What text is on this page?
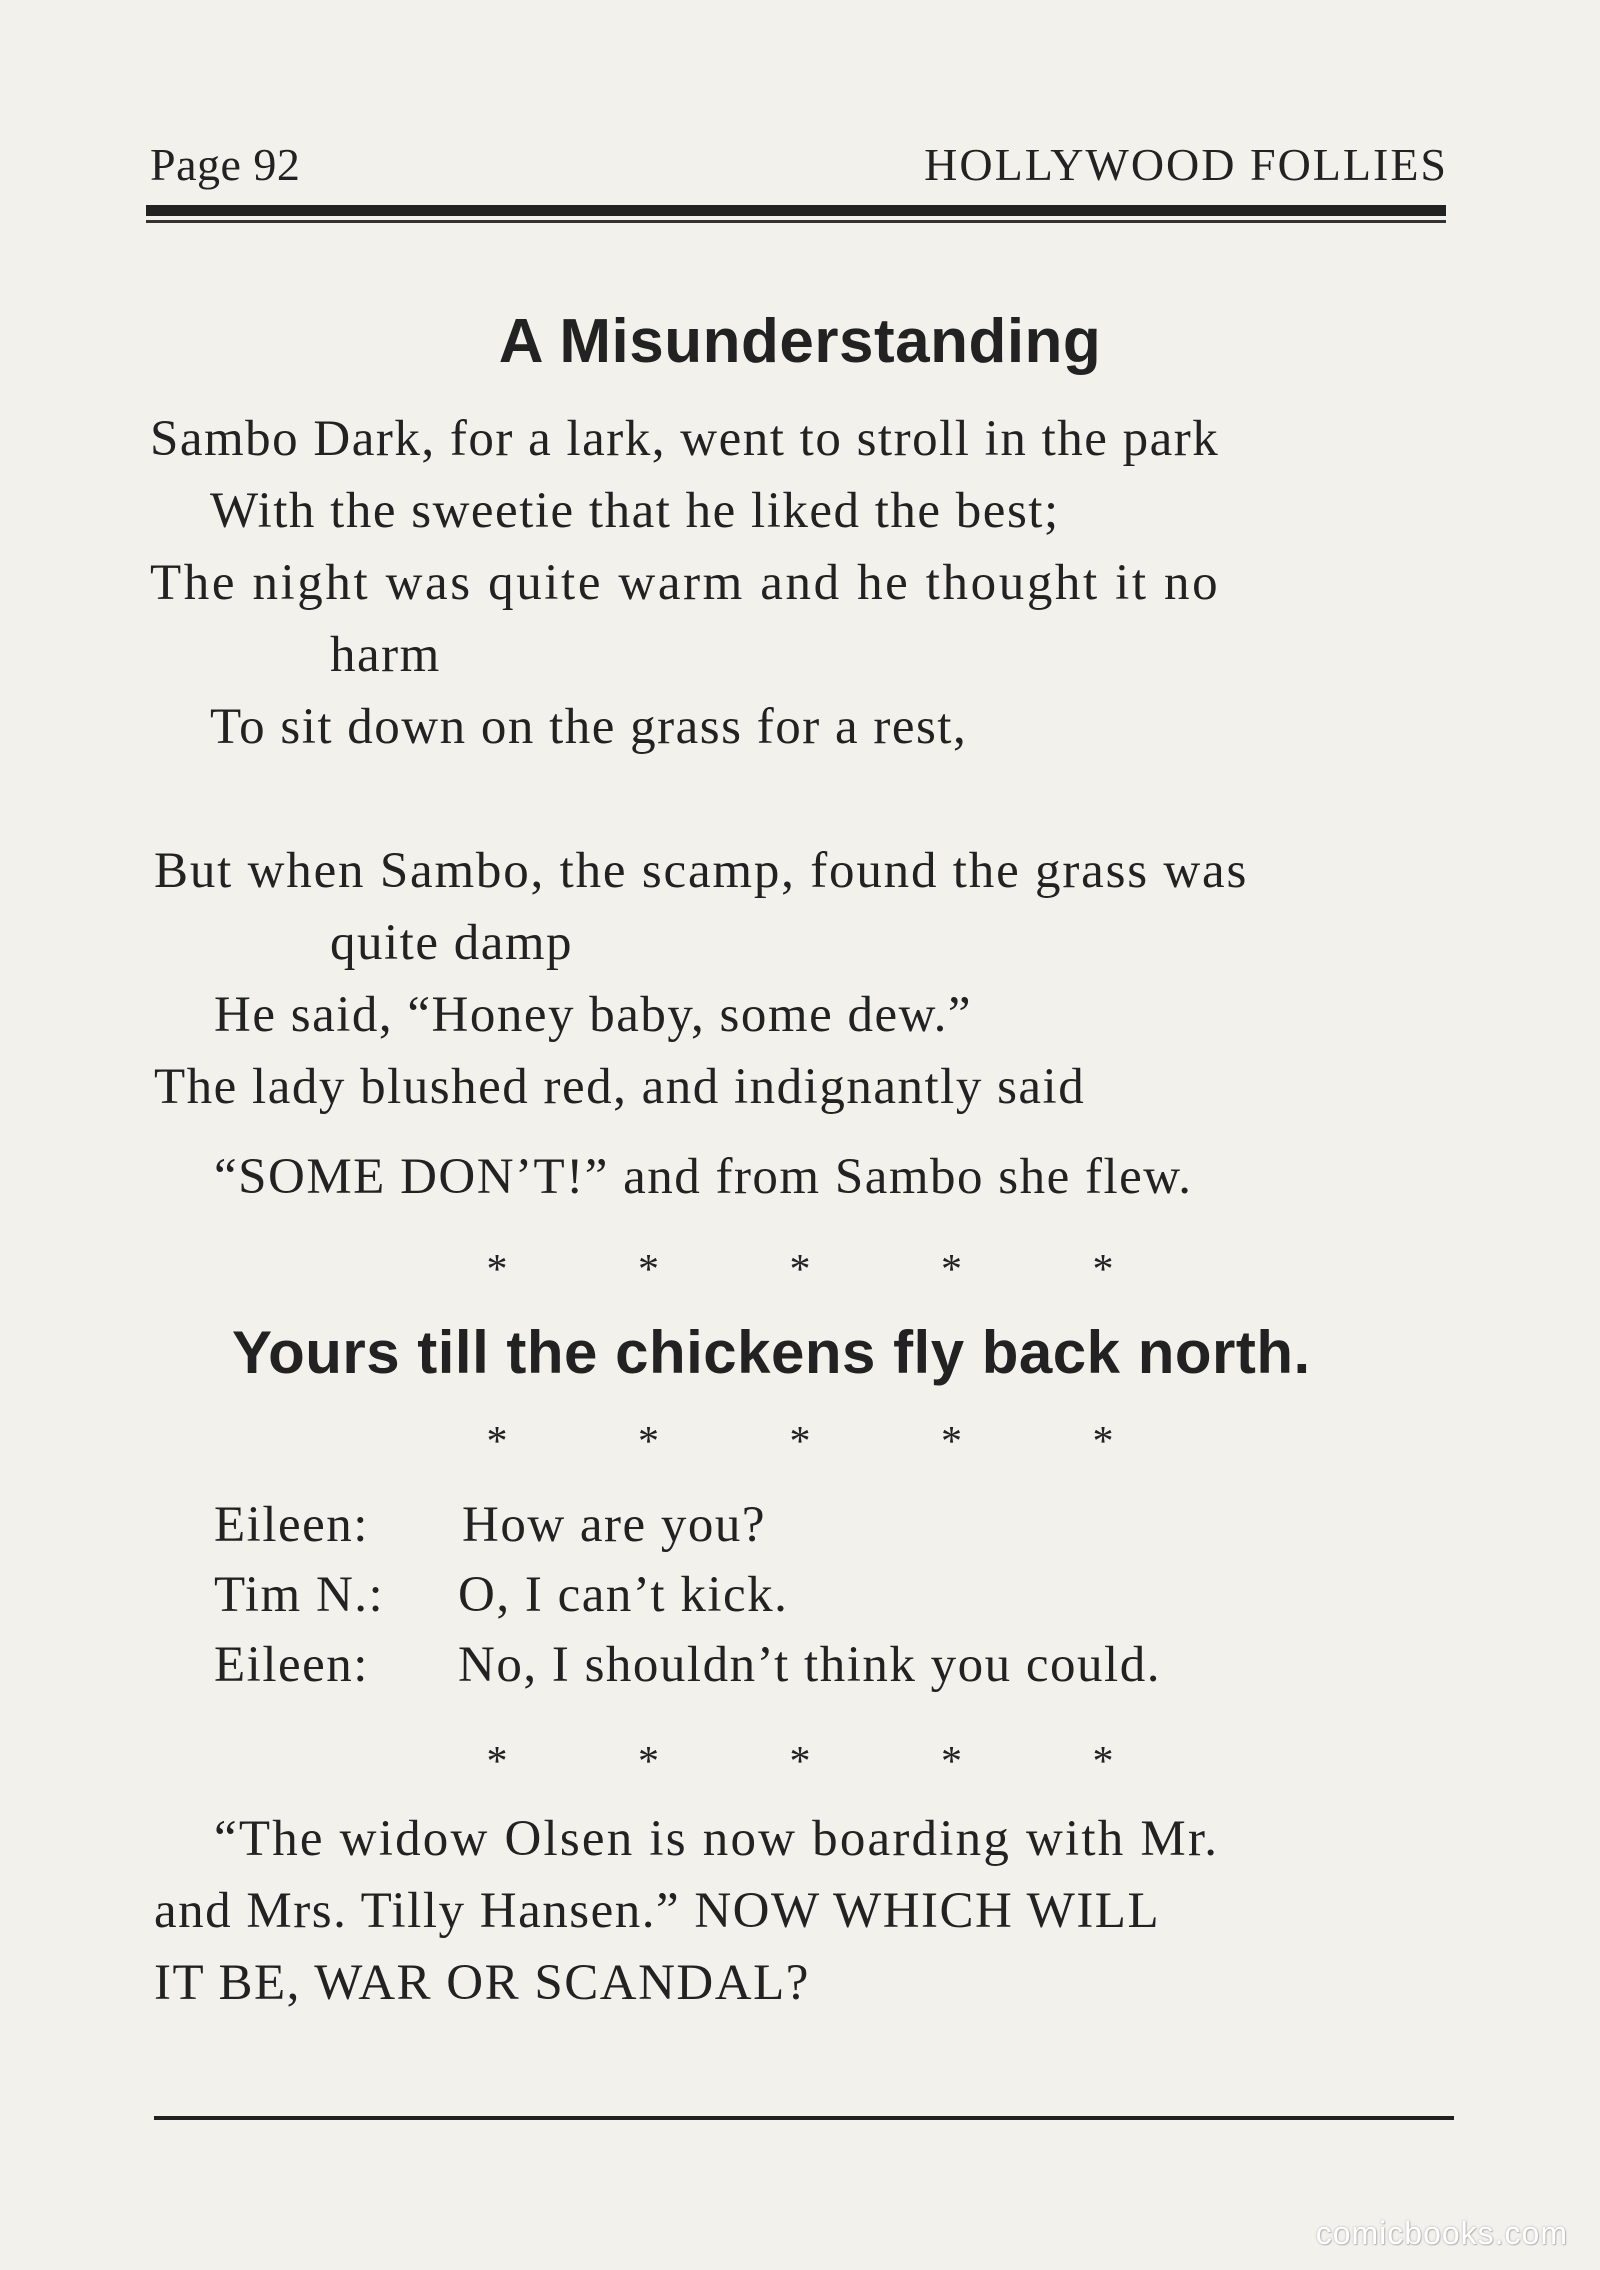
Page 92	HOLLYWOOD FOLLIES
A Misunderstanding
Sambo Dark, for a lark, went to stroll in the park
With the sweetie that he liked the best;
The night was quite warm and he thought it no
harm
To sit down on the grass for a rest,
But when Sambo, the scamp, found the grass was
quite damp
He said, “Honey baby, some dew.”
The lady blushed red, and indignantly said
“SOME DON’T!” and from Sambo she flew.
* * * * *
Yours till the chickens fly back north.
* * * * *
Eileen: How are you?
Tim N.: O, I can’t kick.
Eileen: No, I shouldn’t think you could.
* * * * *
“The widow Olsen is now boarding with Mr.
and Mrs. Tilly Hansen.” NOW WHICH WILL
IT BE, WAR OR SCANDAL?
comicbooks.com
